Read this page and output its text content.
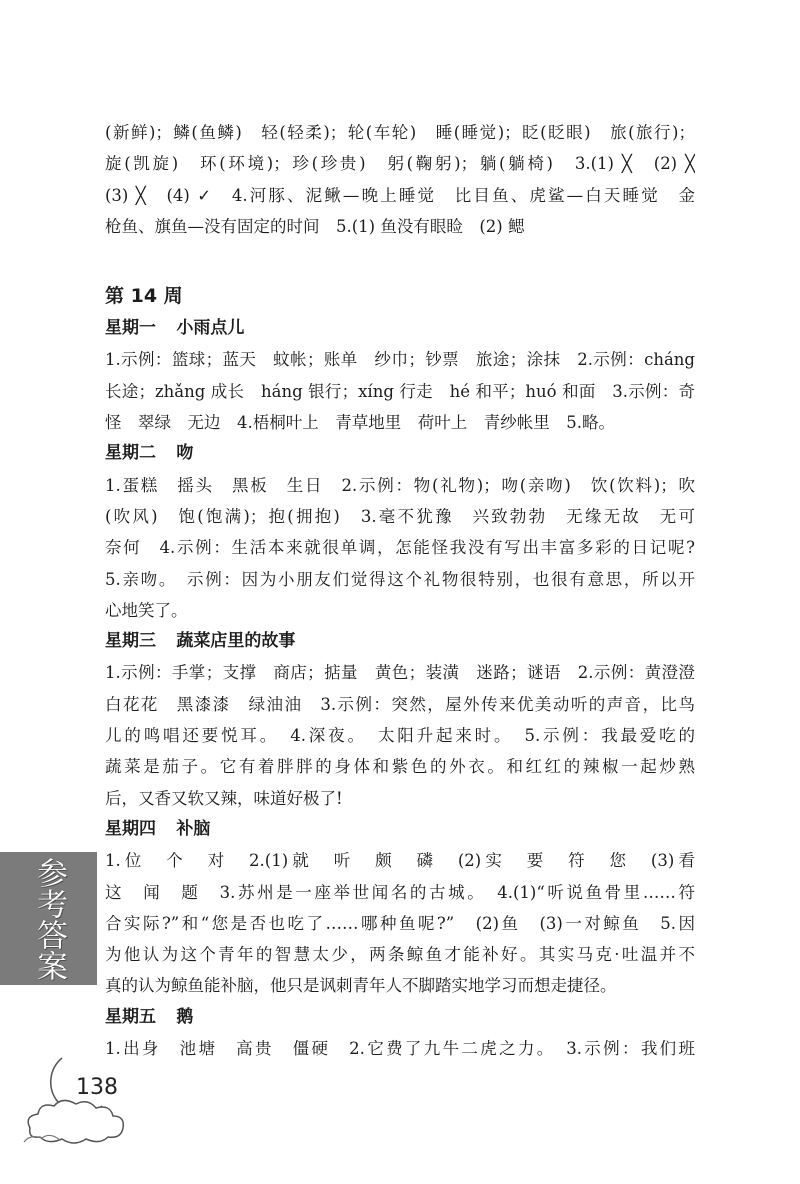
(新鲜)；鳞(鱼鳞)　轻(轻柔)；轮(车轮)　睡(睡觉)；眨(眨眼)　旅(旅行)；
旋(凯旋)　环(环境)；珍(珍贵)　躬(鞠躬)；躺(躺椅)　3.(1) ╳　(2) ╳
(3) ╳　(4) ✓　4.河豚、泥鳅—晚上睡觉　比目鱼、虎鲨—白天睡觉　金
枪鱼、旗鱼—没有固定的时间　5.(1) 鱼没有眼睑　(2) 鳃
第 14 周
星期一 小雨点儿
1.示例：篮球；蓝天　蚊帐；账单　纱巾；钞票　旅途；涂抹　2.示例：cháng
长途；zhǎng 成长　háng 银行；xíng 行走　hé 和平；huó 和面　3.示例：奇
怪　翠绿　无边　4.梧桐叶上　青草地里　荷叶上　青纱帐里　5.略。
星期二 吻
1.蛋糕　摇头　黑板　生日　2.示例：物(礼物)；吻(亲吻)　饮(饮料)；吹
(吹风)　饱(饱满)；抱(拥抱)　3.毫不犹豫　兴致勃勃　无缘无故　无可
奈何　4.示例：生活本来就很单调，怎能怪我没有写出丰富多彩的日记呢?
5.亲吻。　示例：因为小朋友们觉得这个礼物很特别，也很有意思，所以开
心地笑了。
星期三 蔬菜店里的故事
1.示例：手掌；支撑　商店；掂量　黄色；装潢　迷路；谜语　2.示例：黄澄澄
白花花　黑漆漆　绿油油　3.示例：突然，屋外传来优美动听的声音，比鸟
儿的鸣唱还要悦耳。　4.深夜。　太阳升起来时。　5.示例：我最爱吃的
蔬菜是茄子。它有着胖胖的身体和紫色的外衣。和红红的辣椒一起炒熟
后，又香又软又辣，味道好极了!
星期四 补脑
1.位　个　对　2.(1)就　听　颇　磷　(2)实　要　符　您　(3)看
这　闻　题　3.苏州是一座举世闻名的古城。　4.(1)“听说鱼骨里……符
合实际?”和“您是否也吃了……哪种鱼呢?”　(2)鱼　(3)一对鲸鱼　5.因
为他认为这个青年的智慧太少，两条鲸鱼才能补好。其实马克·吐温并不
真的认为鲸鱼能补脑，他只是讽刺青年人不脚踏实地学习而想走捷径。
星期五 鹅
1.出身　池塘　高贵　僵硬　2.它费了九牛二虎之力。　3.示例：我们班
参考答案
138
